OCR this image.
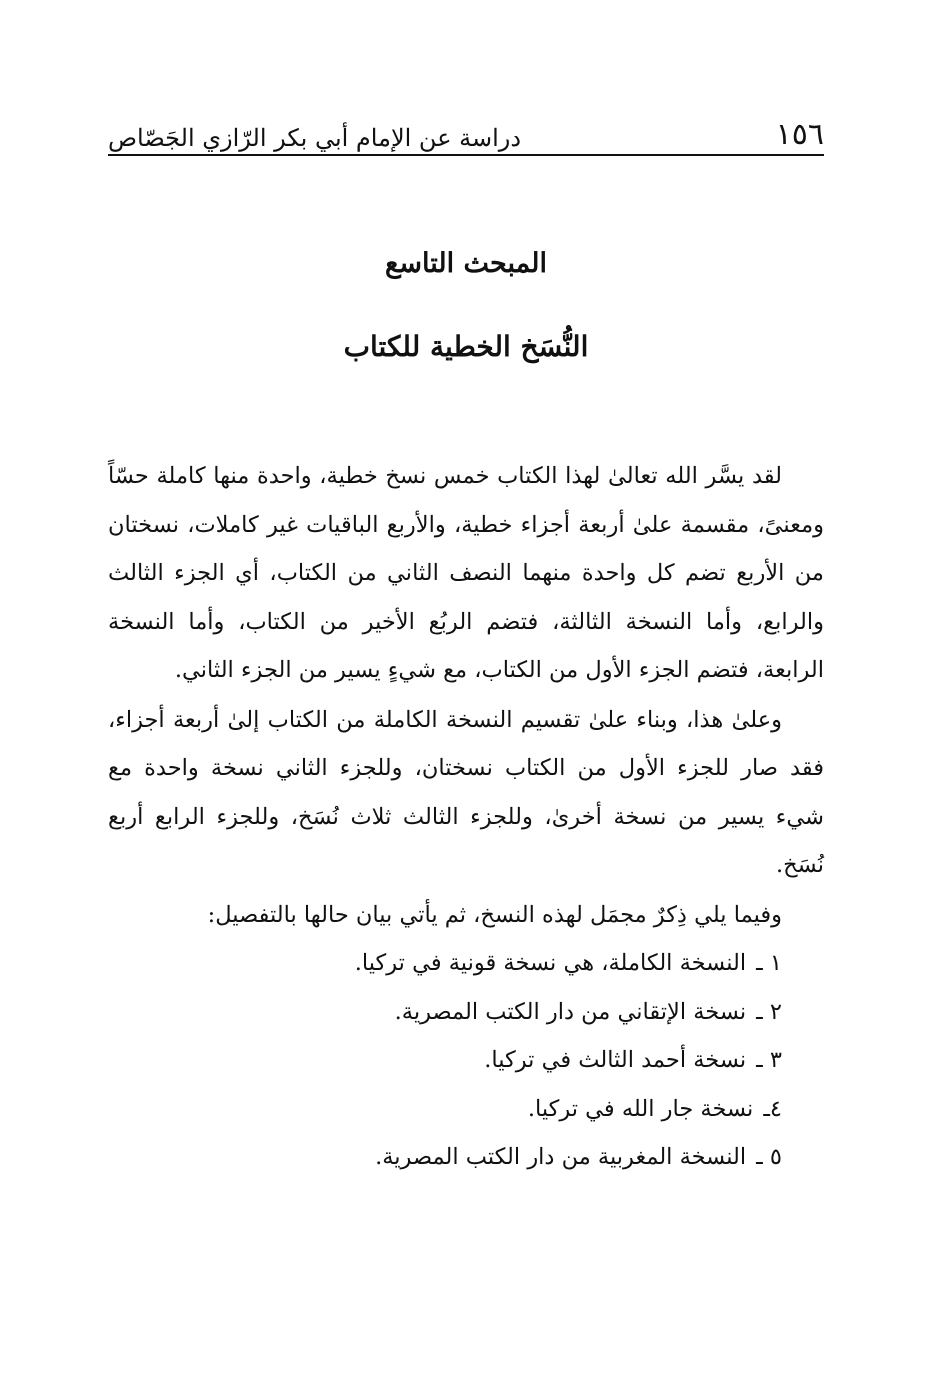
١٥٦
دراسة عن الإمام أبي بكر الرّازي الجَصّاص
المبحث التاسع
النُّسَخ الخطية للكتاب

لقد يسَّر الله تعالىٰ لهذا الكتاب خمس نسخ خطية، واحدة منها كاملة حسّاً ومعنىً، مقسمة علىٰ أربعة أجزاء خطية، والأربع الباقيات غير كاملات، نسختان من الأربع تضم كل واحدة منهما النصف الثاني من الكتاب، أي الجزء الثالث والرابع، وأما النسخة الثالثة، فتضم الربُع الأخير من الكتاب، وأما النسخة الرابعة، فتضم الجزء الأول من الكتاب، مع شيءٍ يسير من الجزء الثاني.

وعلىٰ هذا، وبناء علىٰ تقسيم النسخة الكاملة من الكتاب إلىٰ أربعة أجزاء، فقد صار للجزء الأول من الكتاب نسختان، وللجزء الثاني نسخة واحدة مع شيء يسير من نسخة أخرىٰ، وللجزء الثالث ثلاث نُسَخ، وللجزء الرابع أربع نُسَخ.

وفيما يلي ذِكرٌ مجمَل لهذه النسخ، ثم يأتي بيان حالها بالتفصيل:

١ ـ
النسخة الكاملة، هي نسخة قونية في تركيا.
٢ ـ
نسخة الإتقاني من دار الكتب المصرية.
٣ ـ
نسخة أحمد الثالث في تركيا.
٤ـ
نسخة جار الله في تركيا.
٥ ـ
النسخة المغربية من دار الكتب المصرية.
